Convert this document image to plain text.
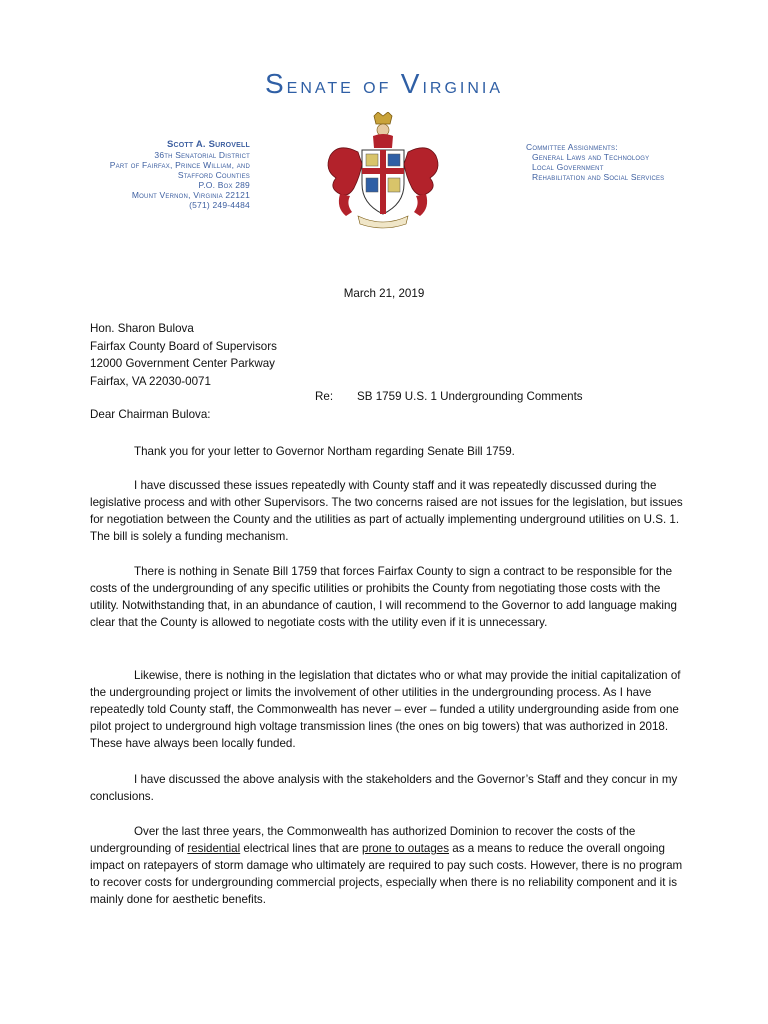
Senate of Virginia
Scott A. Surovell
36th Senatorial District
Part of Fairfax, Prince William, and
Stafford Counties
P.O. Box 289
Mount Vernon, Virginia 22121
(571) 249-4484
Committee Assignments:
General Laws and Technology
Local Government
Rehabilitation and Social Services
March 21, 2019
Hon. Sharon Bulova
Fairfax County Board of Supervisors
12000 Government Center Parkway
Fairfax, VA 22030-0071
Re: SB 1759 U.S. 1 Undergrounding Comments
Dear Chairman Bulova:

Thank you for your letter to Governor Northam regarding Senate Bill 1759.

I have discussed these issues repeatedly with County staff and it was repeatedly discussed during the legislative process and with other Supervisors. The two concerns raised are not issues for the legislation, but issues for negotiation between the County and the utilities as part of actually implementing underground utilities on U.S. 1. The bill is solely a funding mechanism.

There is nothing in Senate Bill 1759 that forces Fairfax County to sign a contract to be responsible for the costs of the undergrounding of any specific utilities or prohibits the County from negotiating those costs with the utility. Notwithstanding that, in an abundance of caution, I will recommend to the Governor to add language making clear that the County is allowed to negotiate costs with the utility even if it is unnecessary.

Likewise, there is nothing in the legislation that dictates who or what may provide the initial capitalization of the undergrounding project or limits the involvement of other utilities in the undergrounding process. As I have repeatedly told County staff, the Commonwealth has never – ever – funded a utility undergrounding aside from one pilot project to underground high voltage transmission lines (the ones on big towers) that was authorized in 2018. These have always been locally funded.

I have discussed the above analysis with the stakeholders and the Governor’s Staff and they concur in my conclusions.

Over the last three years, the Commonwealth has authorized Dominion to recover the costs of the undergrounding of residential electrical lines that are prone to outages as a means to reduce the overall ongoing impact on ratepayers of storm damage who ultimately are required to pay such costs. However, there is no program to recover costs for undergrounding commercial projects, especially when there is no reliability component and it is mainly done for aesthetic benefits.
